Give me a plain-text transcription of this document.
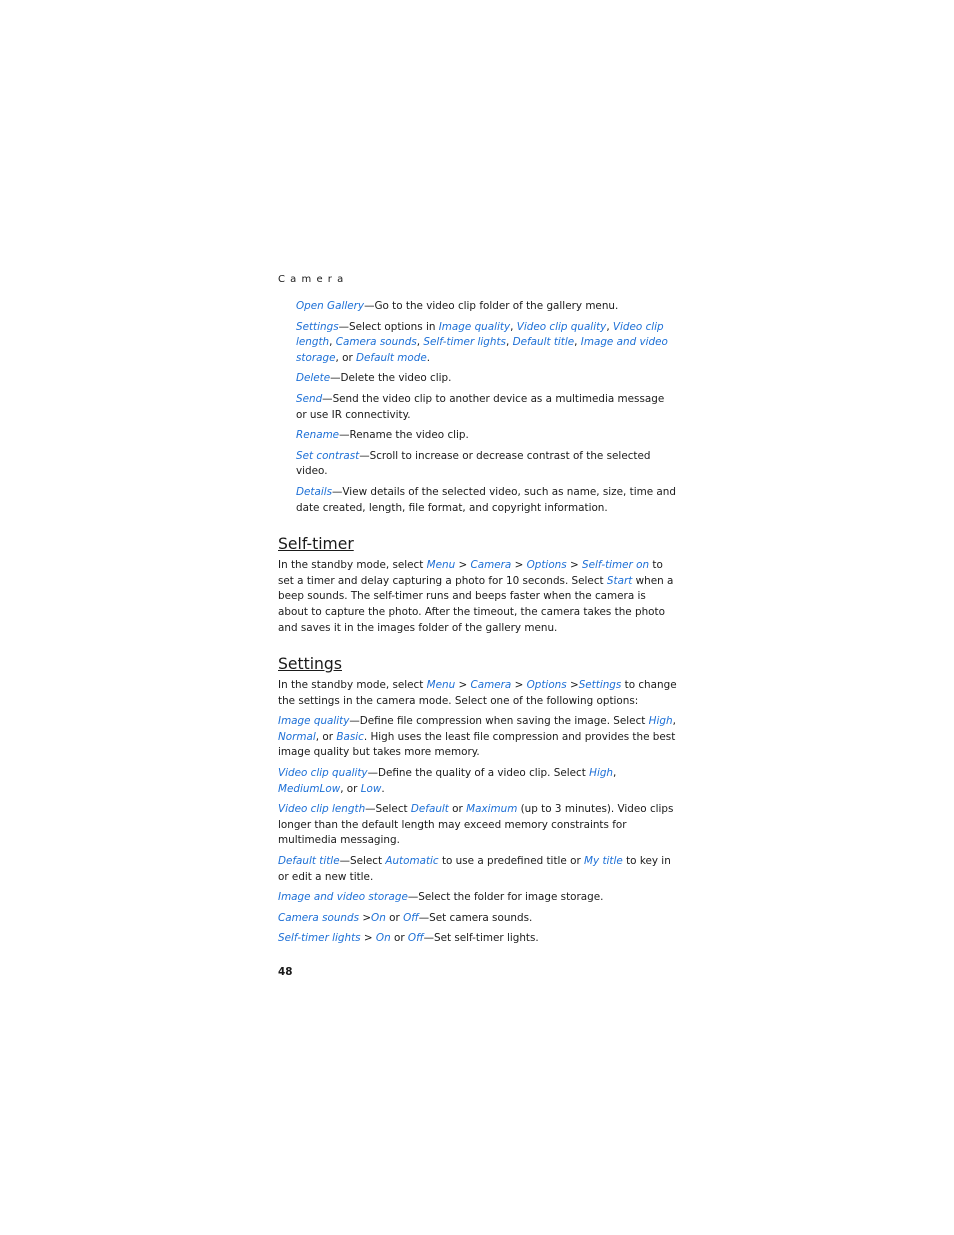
Camera

Open Gallery—Go to the video clip folder of the gallery menu.

Settings—Select options in Image quality, Video clip quality, Video clip length, Camera sounds, Self-timer lights, Default title, Image and video storage, or Default mode.

Delete—Delete the video clip.

Send—Send the video clip to another device as a multimedia message or use IR connectivity.

Rename—Rename the video clip.

Set contrast—Scroll to increase or decrease contrast of the selected video.

Details—View details of the selected video, such as name, size, time and date created, length, file format, and copyright information.

Self-timer

In the standby mode, select Menu > Camera > Options > Self-timer on to set a timer and delay capturing a photo for 10 seconds. Select Start when a beep sounds. The self-timer runs and beeps faster when the camera is about to capture the photo. After the timeout, the camera takes the photo and saves it in the images folder of the gallery menu.

Settings

In the standby mode, select Menu > Camera > Options >Settings to change the settings in the camera mode. Select one of the following options:

Image quality—Define file compression when saving the image. Select High, Normal, or Basic. High uses the least file compression and provides the best image quality but takes more memory.

Video clip quality—Define the quality of a video clip. Select High, MediumLow, or Low.

Video clip length—Select Default or Maximum (up to 3 minutes). Video clips longer than the default length may exceed memory constraints for multimedia messaging.

Default title—Select Automatic to use a predefined title or My title to key in or edit a new title.

Image and video storage—Select the folder for image storage.

Camera sounds >On or Off—Set camera sounds.

Self-timer lights > On or Off—Set self-timer lights.

48
